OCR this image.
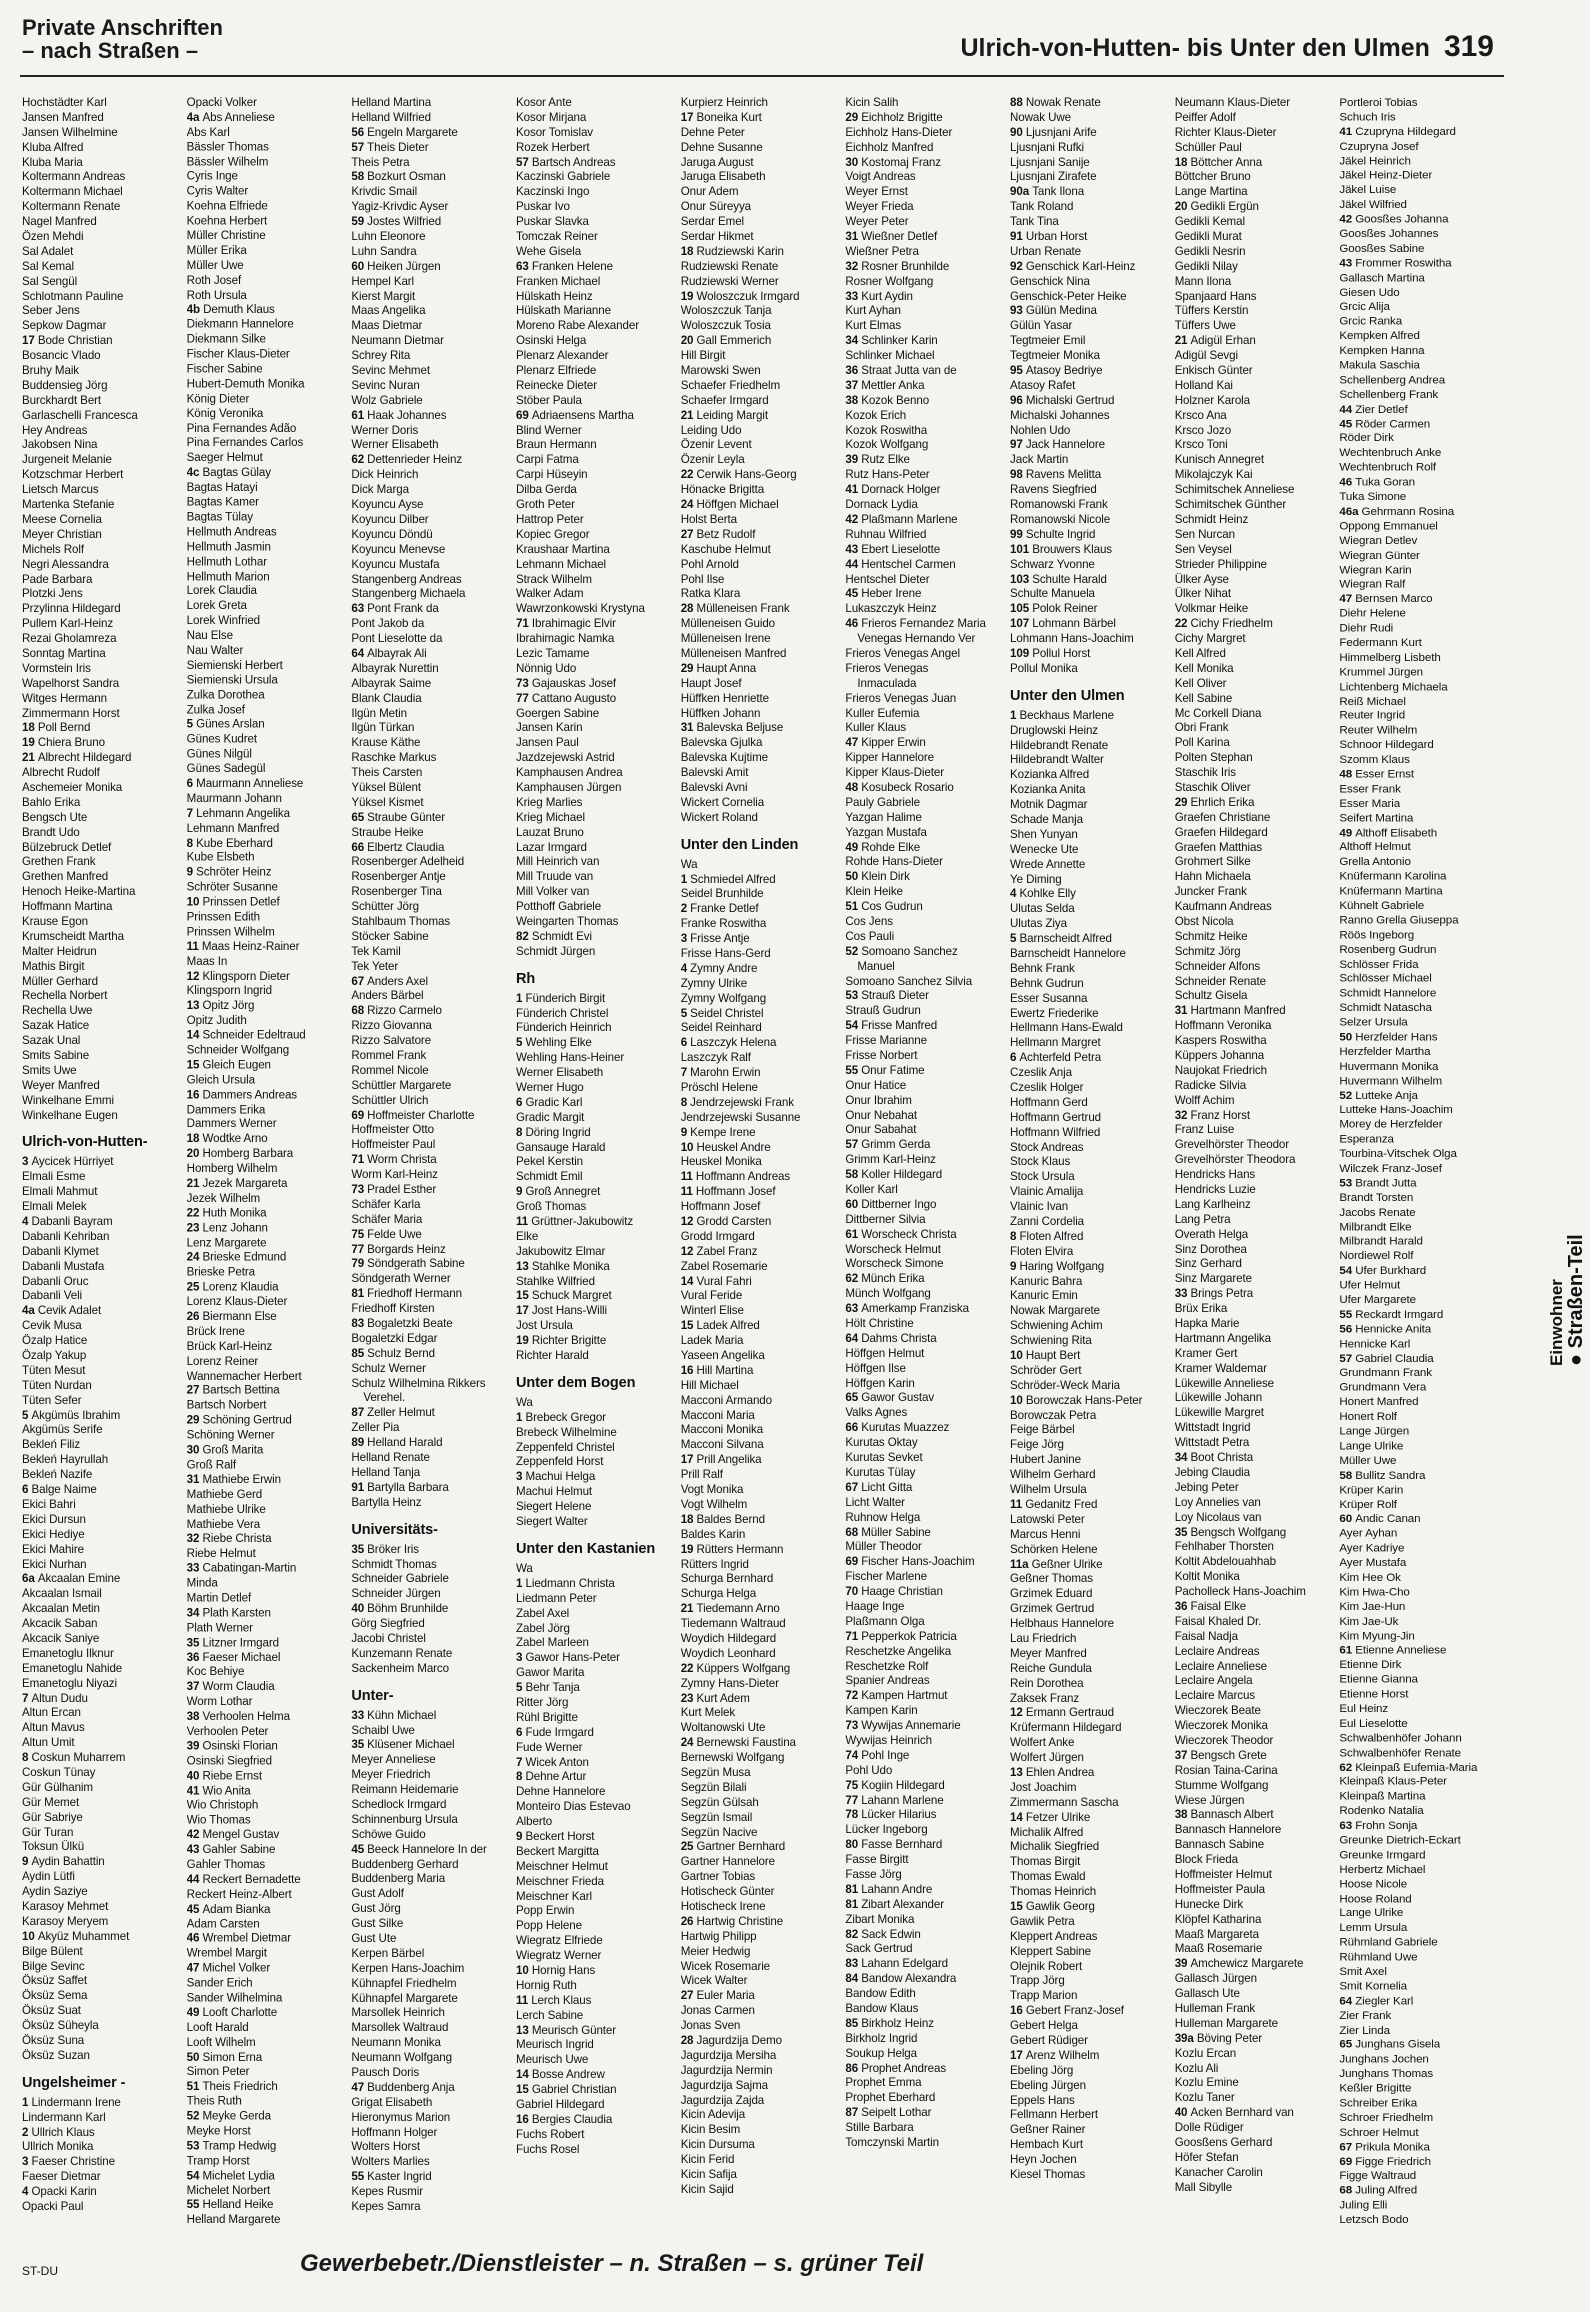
Private Anschriften
– nach Straßen –	Ulrich-von-Hutten- bis Unter den Ulmen 319
Hochstädter Karl
Jansen Manfred
Jansen Wilhelmine
Kluba Alfred
Kluba Maria
Koltermann Andreas
Koltermann Michael
Koltermann Renate
Nagel Manfred
Özen Mehdi
Sal Adalet
Sal Kemal
Sal Sengül
Schlotmann Pauline
Seber Jens
Sepkow Dagmar
17 Bode Christian
Bosancic Vlado
Bruhy Maik
Buddensieg Jörg
Burckhardt Bert
Garlaschelli Francesca
Hey Andreas
Jakobsen Nina
Jurgeneit Melanie
Kotzschmar Herbert
Lietsch Marcus
Martenka Stefanie
Meese Cornelia
Meyer Christian
Michels Rolf
Negri Alessandra
Pade Barbara
Plotzki Jens
Przylinna Hildegard
Pullem Karl-Heinz
Rezai Gholamreza
Sonntag Martina
Vormstein Iris
Wapelhorst Sandra
Witges Hermann
Zimmermann Horst
18 Poll Bernd
19 Chiera Bruno
21 Albrecht Hildegard
Albrecht Rudolf
Aschemeier Monika
Bahlo Erika
Bengsch Ute
Brandt Udo
Bülzebruck Detlef
Grethen Frank
Grethen Manfred
Henoch Heike-Martina
Hoffmann Martina
Krause Egon
Krumscheidt Martha
Malter Heidrun
Mathis Birgit
Müller Gerhard
Rechella Norbert
Rechella Uwe
Sazak Hatice
Sazak Unal
Smits Sabine
Smits Uwe
Weyer Manfred
Winkelhane Emmi
Winkelhane Eugen
Ulrich-von-Hutten-
3 Aycicek Hürriyet
Elmali Esme
Elmali Mahmut
Elmali Melek
4 Dabanli Bayram
Dabanli Kehriban
Dabanli Klymet
Dabanli Mustafa
Dabanli Oruc
Dabanli Veli
4a Cevik Adalet
Cevik Musa
Özalp Hatice
Özalp Yakup
Tüten Mesut
Tüten Nurdan
Tüten Sefer
5 Akgümüs Ibrahim
Akgümüs Serife
Bekleń Filiz
Bekleń Hayrullah
Bekleń Nazife
6 Balge Naime
Ekici Bahri
Ekici Dursun
Ekici Hediye
Ekici Mahire
Ekici Nurhan
6a Akcaalan Emine
Akcaalan Ismail
Akcaalan Metin
Akcacik Saban
Akcacik Saniye
Emanetoglu Ilknur
Emanetoglu Nahide
Emanetoglu Niyazi
7 Altun Dudu
Altun Ercan
Altun Mavus
Altun Umit
8 Coskun Muharrem
Coskun Tünay
Gür Gülhanim
Gür Memet
Gür Sabriye
Gür Turan
Toksun Ülkü
9 Aydin Bahattin
Aydin Lütfi
Aydin Saziye
Karasoy Mehmet
Karasoy Meryem
10 Akyüz Muhammet
Bilge Bülent
Bilge Sevinc
Öksüz Saffet
Öksüz Sema
Öksüz Suat
Öksüz Süheyla
Öksüz Suna
Öksüz Suzan
Ungelsheimer -
1 Lindermann Irene
Lindermann Karl
2 Ullrich Klaus
Ullrich Monika
3 Faeser Christine
Faeser Dietmar
4 Opacki Karin
Opacki Paul
Opacki Volker
4a Abs Anneliese
Abs Karl
Bässler Thomas
Bässler Wilhelm
Cyris Inge
Cyris Walter
Koehna Elfriede
Koehna Herbert
Müller Christine
Müller Erika
Müller Uwe
Roth Josef
Roth Ursula
4b Demuth Klaus
Diekmann Hannelore
Diekmann Silke
Fischer Klaus-Dieter
Fischer Sabine
Hubert-Demuth Monika
König Dieter
König Veronika
Pina Fernandes Adão
Pina Fernandes Carlos
Saeger Helmut
4c Bagtas Gülay
Bagtas Hatayi
Bagtas Kamer
Bagtas Tülay
Hellmuth Andreas
Hellmuth Jasmin
Hellmuth Lothar
Hellmuth Marion
Lorek Claudia
Lorek Greta
Lorek Winfried
Nau Else
Nau Walter
Siemienski Herbert
Siemienski Ursula
Zulka Dorothea
Zulka Josef
5 Günes Arslan
Günes Kudret
Günes Nilgül
Günes Sadegül
6 Maurmann Anneliese
Maurmann Johann
7 Lehmann Angelika
Lehmann Manfred
8 Kube Eberhard
Kube Elsbeth
9 Schröter Heinz
Schröter Susanne
10 Prinssen Detlef
Prinssen Edith
Prinssen Wilhelm
11 Maas Heinz-Rainer
Maas In
12 Klingsporn Dieter
Klingsporn Ingrid
13 Opitz Jörg
Opitz Judith
14 Schneider Edeltraud
Schneider Wolfgang
15 Gleich Eugen
Gleich Ursula
16 Dammers Andreas
Dammers Erika
Dammers Werner
18 Wodtke Arno
20 Homberg Barbara
Homberg Wilhelm
21 Jezek Margareta
Jezek Wilhelm
22 Huth Monika
23 Lenz Johann
Lenz Margarete
24 Brieske Edmund
Brieske Petra
25 Lorenz Klaudia
Lorenz Klaus-Dieter
26 Biermann Else
Brück Irene
Brück Karl-Heinz
Lorenz Reiner
Wannemacher Herbert
27 Bartsch Bettina
Bartsch Norbert
29 Schöning Gertrud
Schöning Werner
30 Groß Marita
Groß Ralf
31 Mathiebe Erwin
Mathiebe Gerd
Mathiebe Ulrike
Mathiebe Vera
32 Riebe Christa
Riebe Helmut
33 Cabatingan-Martin
Minda
Martin Detlef
34 Plath Karsten
Plath Werner
35 Litzner Irmgard
36 Faeser Michael
Koc Behiye
37 Worm Claudia
Worm Lothar
38 Verhoolen Helma
Verhoolen Peter
39 Osinski Florian
Osinski Siegfried
40 Riebe Ernst
41 Wio Anita
Wio Christoph
Wio Thomas
42 Mengel Gustav
43 Gahler Sabine
Gahler Thomas
44 Reckert Bernadette
Reckert Heinz-Albert
45 Adam Bianka
Adam Carsten
46 Wrembel Dietmar
Wrembel Margit
47 Michel Volker
Sander Erich
Sander Wilhelmina
49 Looft Charlotte
Looft Harald
Looft Wilhelm
50 Simon Erna
Simon Peter
51 Theis Friedrich
Theis Ruth
52 Meyke Gerda
Meyke Horst
53 Tramp Hedwig
Tramp Horst
54 Michelet Lydia
Michelet Norbert
55 Helland Heike
Helland Margarete
Helland Martina
Helland Wilfried
56 Engeln Margarete
57 Theis Dieter
Theis Petra
58 Bozkurt Osman
Krivdic Smail
Yagiz-Krivdic Ayser
59 Jostes Wilfried
Luhn Eleonore
Luhn Sandra
60 Heiken Jürgen
Hempel Karl
Kierst Margit
Maas Angelika
Maas Dietmar
Neumann Dietmar
Schrey Rita
Sevinc Mehmet
Sevinc Nuran
Wolz Gabriele
61 Haak Johannes
Werner Doris
Werner Elisabeth
62 Dettenrieder Heinz
Dick Heinrich
Dick Marga
Koyuncu Ayse
Koyuncu Dilber
Koyuncu Döndü
Koyuncu Menevse
Koyuncu Mustafa
Stangenberg Andreas
Stangenberg Michaela
63 Pont Frank da
Pont Jakob da
Pont Lieselotte da
64 Albayrak Ali
Albayrak Nurettin
Albayrak Saime
Blank Claudia
Ilgün Metin
Ilgün Türkan
Krause Käthe
Raschke Markus
Theis Carsten
Yüksel Bülent
Yüksel Kismet
65 Straube Günter
Straube Heike
66 Elbertz Claudia
Rosenberger Adelheid
Rosenberger Antje
Rosenberger Tina
Schütter Jörg
Stahlbaum Thomas
Stöcker Sabine
Tek Kamil
Tek Yeter
67 Anders Axel
Anders Bärbel
68 Rizzo Carmelo
Rizzo Giovanna
Rizzo Salvatore
Rommel Frank
Rommel Nicole
Schüttler Margarete
Schüttler Ulrich
69 Hoffmeister Charlotte
Hoffmeister Otto
Hoffmeister Paul
71 Worm Christa
Worm Karl-Heinz
73 Pradel Esther
Schäfer Karla
Schäfer Maria
75 Felde Uwe
77 Borgards Heinz
79 Söndgerath Sabine
Söndgerath Werner
81 Friedhoff Hermann
Friedhoff Kirsten
83 Bogaletzki Beate
Bogaletzki Edgar
85 Schulz Bernd
Schulz Werner
Schulz Wilhelmina Rikkers
Verehel.
87 Zeller Helmut
Zeller Pia
89 Helland Harald
Helland Renate
Helland Tanja
91 Bartylla Barbara
Bartylla Heinz
Universitäts-
35 Bröker Iris
Schmidt Thomas
Schneider Gabriele
Schneider Jürgen
40 Böhm Brunhilde
Görg Siegfried
Jacobi Christel
Kunzemann Renate
Sackenheim Marco
Unter-
33 Kühn Michael
Schaibl Uwe
35 Klüsener Michael
Meyer Anneliese
Meyer Friedrich
Reimann Heidemarie
Schedlock Irmgard
Schinnenburg Ursula
Schöwe Guido
45 Beeck Hannelore In der
Buddenberg Gerhard
Buddenberg Maria
Gust Adolf
Gust Jörg
Gust Silke
Gust Ute
Kerpen Bärbel
Kerpen Hans-Joachim
Kühnapfel Friedhelm
Kühnapfel Margarete
Marsollek Heinrich
Marsollek Waltraud
Neumann Monika
Neumann Wolfgang
Pausch Doris
47 Buddenberg Anja
Grigat Elisabeth
Hieronymus Marion
Hoffmann Holger
Wolters Horst
Wolters Marlies
55 Kaster Ingrid
Kepes Rusmir
Kepes Samra
Kosor Ante
Kosor Mirjana
Kosor Tomislav
Rozek Herbert
57 Bartsch Andreas
Kaczinski Gabriele
Kaczinski Ingo
Puskar Ivo
Puskar Slavka
Tomczak Reiner
Wehe Gisela
63 Franken Helene
Franken Michael
Hülskath Heinz
Hülskath Marianne
Moreno Rabe Alexander
Osinski Helga
Plenarz Alexander
Plenarz Elfriede
Reinecke Dieter
Stöber Paula
69 Adriaensens Martha
Blind Werner
Braun Hermann
Carpi Fatma
Carpi Hüseyin
Dilba Gerda
Groth Peter
Hattrop Peter
Kopiec Gregor
Kraushaar Martina
Lehmann Michael
Strack Wilhelm
Walker Adam
Wawrzonkowski Krystyna
71 Ibrahimagic Elvir
Ibrahimagic Namka
Lezic Tamame
Nönnig Udo
73 Gajauskas Josef
77 Cattano Augusto
Goergen Sabine
Jansen Karin
Jansen Paul
Jazdzejewski Astrid
Kamphausen Andrea
Kamphausen Jürgen
Krieg Marlies
Krieg Michael
Lauzat Bruno
Lazar Irmgard
Mill Heinrich van
Mill Truude van
Mill Volker van
Potthoff Gabriele
Weingarten Thomas
82 Schmidt Evi
Schmidt Jürgen
Rh
1 Fünderich Birgit
Fünderich Christel
Fünderich Heinrich
5 Wehling Elke
Wehling Hans-Heiner
Werner Elisabeth
Werner Hugo
6 Gradic Karl
Gradic Margit
8 Döring Ingrid
Gansauge Harald
Pekel Kerstin
Schmidt Emil
9 Groß Annegret
Groß Thomas
11 Grüttner-Jakubowitz
Elke
Jakubowitz Elmar
13 Stahlke Monika
Stahlke Wilfried
15 Schuck Margret
17 Jost Hans-Willi
Jost Ursula
19 Richter Brigitte
Richter Harald
Unter dem Bogen
Wa
1 Brebeck Gregor
Brebeck Wilhelmine
Zeppenfeld Christel
Zeppenfeld Horst
3 Machui Helga
Machui Helmut
Siegert Helene
Siegert Walter
Unter den Kastanien
Wa
1 Liedmann Christa
Liedmann Peter
Zabel Axel
Zabel Jörg
Zabel Marleen
3 Gawor Hans-Peter
Gawor Marita
5 Behr Tanja
Ritter Jörg
Rühl Brigitte
6 Fude Irmgard
Fude Werner
7 Wicek Anton
8 Dehne Artur
Dehne Hannelore
Monteiro Dias Estevao
Alberto
9 Beckert Horst
Beckert Margitta
Meischner Helmut
Meischner Frieda
Meischner Karl
Popp Erwin
Popp Helene
Wiegratz Elfriede
Wiegratz Werner
10 Hornig Hans
Hornig Ruth
11 Lerch Klaus
Lerch Sabine
13 Meurisch Günter
Meurisch Ingrid
Meurisch Uwe
14 Bosse Andrew
15 Gabriel Christian
Gabriel Hildegard
16 Bergies Claudia
Fuchs Robert
Fuchs Rosel
Kurpierz Heinrich
17 Boneika Kurt
Dehne Peter
Dehne Susanne
Jaruga August
Jaruga Elisabeth
Onur Adem
Onur Süreyya
Serdar Emel
Serdar Hikmet
18 Rudziewski Karin
Rudziewski Renate
Rudziewski Werner
19 Woloszczuk Irmgard
Woloszczuk Tanja
Woloszczuk Tosia
20 Gall Emmerich
Hill Birgit
Marowski Swen
Schaefer Friedhelm
Schaefer Irmgard
21 Leiding Margit
Leiding Udo
Özenir Levent
Özenir Leyla
22 Cerwik Hans-Georg
Hönacke Brigitta
24 Höffgen Michael
Holst Berta
27 Betz Rudolf
Kaschube Helmut
Pohl Arnold
Pohl Ilse
Ratka Klara
28 Mülleneisen Frank
Mülleneisen Guido
Mülleneisen Irene
Mülleneisen Manfred
29 Haupt Anna
Haupt Josef
Hüffken Henriette
Hüffken Johann
31 Balevska Beljuse
Balevska Gjulka
Balevska Kujtime
Balevski Amit
Balevski Avni
Wickert Cornelia
Wickert Roland
Unter den Linden
Wa
1 Schmiedel Alfred
Seidel Brunhilde
2 Franke Detlef
Franke Roswitha
3 Frisse Antje
Frisse Hans-Gerd
4 Zymny Andre
Zymny Ulrike
Zymny Wolfgang
5 Seidel Christel
Seidel Reinhard
6 Laszczyk Helena
Laszczyk Ralf
7 Marohn Erwin
Pröschl Helene
8 Jendrzejewski Frank
Jendrzejewski Susanne
9 Kempe Irene
10 Heuskel Andre
Heuskel Monika
11 Hoffmann Andreas
11 Hoffmann Josef
Hoffmann Josef
12 Grodd Carsten
Grodd Irmgard
12 Zabel Franz
Zabel Rosemarie
14 Vural Fahri
Vural Feride
Winterl Elise
15 Ladek Alfred
Ladek Maria
Yaseen Angelika
16 Hill Martina
Hill Michael
Macconi Armando
Macconi Maria
Macconi Monika
Macconi Silvana
17 Prill Angelika
Prill Ralf
Vogt Monika
Vogt Wilhelm
18 Baldes Bernd
Baldes Karin
19 Rütters Hermann
Rütters Ingrid
Schurga Bernhard
Schurga Helga
21 Tiedemann Arno
Tiedemann Waltraud
Woydich Hildegard
Woydich Leonhard
22 Küppers Wolfgang
Zymny Hans-Dieter
23 Kurt Adem
Kurt Melek
Woltanowski Ute
24 Bernewski Faustina
Bernewski Wolfgang
Segzün Musa
Segzün Bilali
Segzün Gülsah
Segzün Ismail
Segzün Nacive
25 Gartner Bernhard
Gartner Hannelore
Gartner Tobias
Hotischeck Günter
Hotischeck Irene
26 Hartwig Christine
Hartwig Philipp
Meier Hedwig
Wicek Rosemarie
Wicek Walter
27 Euler Maria
Jonas Carmen
Jonas Sven
28 Jagurdzija Demo
Jagurdzija Mersiha
Jagurdzija Nermin
Jagurdzija Sajma
Jagurdzija Zajda
Kicin Adevija
Kicin Besim
Kicin Dursuma
Kicin Ferid
Kicin Safija
Kicin Sajid
Kicin Salih
29 Eichholz Brigitte
Eichholz Hans-Dieter
Eichholz Manfred
30 Kostomaj Franz
Voigt Andreas
Weyer Ernst
Weyer Frieda
Weyer Peter
31 Wießner Detlef
Wießner Petra
32 Rosner Brunhilde
Rosner Wolfgang
33 Kurt Aydin
Kurt Ayhan
Kurt Elmas
34 Schlinker Karin
Schlinker Michael
36 Straat Jutta van de
37 Mettler Anka
38 Kozok Benno
Kozok Erich
Kozok Roswitha
Kozok Wolfgang
39 Rutz Elke
Rutz Hans-Peter
41 Dornack Holger
Dornack Lydia
42 Plaßmann Marlene
Ruhnau Wilfried
43 Ebert Lieselotte
44 Hentschel Carmen
Hentschel Dieter
45 Heber Irene
Lukaszczyk Heinz
46 Frieros Fernandez Maria
Venegas Hernando Ver
Frieros Venegas Angel
Frieros Venegas
Inmaculada
Frieros Venegas Juan
Kuller Eufemia
Kuller Klaus
47 Kipper Erwin
Kipper Hannelore
Kipper Klaus-Dieter
48 Kosubeck Rosario
Pauly Gabriele
Yazgan Halime
Yazgan Mustafa
49 Rohde Elke
Rohde Hans-Dieter
50 Klein Dirk
Klein Heike
51 Cos Gudrun
Cos Jens
Cos Pauli
52 Somoano Sanchez
Manuel
Somoano Sanchez Silvia
53 Strauß Dieter
Strauß Gudrun
54 Frisse Manfred
Frisse Marianne
Frisse Norbert
55 Onur Fatime
Onur Hatice
Onur Ibrahim
Onur Nebahat
Onur Sabahat
57 Grimm Gerda
Grimm Karl-Heinz
58 Koller Hildegard
Koller Karl
60 Dittberner Ingo
Dittberner Silvia
61 Worscheck Christa
Worscheck Helmut
Worscheck Simone
62 Münch Erika
Münch Wolfgang
63 Amerkamp Franziska
Hölt Christine
64 Dahms Christa
Höffgen Helmut
Höffgen Ilse
Höffgen Karin
65 Gawor Gustav
Valks Agnes
66 Kurutas Muazzez
Kurutas Oktay
Kurutas Sevket
Kurutas Tülay
67 Licht Gitta
Licht Walter
Ruhnow Helga
68 Müller Sabine
Müller Theodor
69 Fischer Hans-Joachim
Fischer Marlene
70 Haage Christian
Haage Inge
Plaßmann Olga
71 Pepperkok Patricia
Reschetzke Angelika
Reschetzke Rolf
Spanier Andreas
72 Kampen Hartmut
Kampen Karin
73 Wywijas Annemarie
Wywijas Heinrich
74 Pohl Inge
Pohl Udo
75 Kogiin Hildegard
77 Lahann Marlene
78 Lücker Hilarius
Lücker Ingeborg
80 Fasse Bernhard
Fasse Birgitt
Fasse Jörg
81 Lahann Andre
81 Zibart Alexander
Zibart Monika
82 Sack Edwin
Sack Gertrud
83 Lahann Edelgard
84 Bandow Alexandra
Bandow Edith
Bandow Klaus
85 Birkholz Heinz
Birkholz Ingrid
Soukup Helga
86 Prophet Andreas
Prophet Emma
Prophet Eberhard
87 Seipelt Lothar
Stille Barbara
Tomczynski Martin
88 Nowak Renate
Nowak Uwe
90 Ljusnjani Arife
Ljusnjani Rufki
Ljusnjani Sanije
Ljusnjani Zirafete
90a Tank Ilona
Tank Roland
Tank Tina
91 Urban Horst
Urban Renate
92 Genschick Karl-Heinz
Genschick Nina
Genschick-Peter Heike
93 Gülün Medina
Gülün Yasar
Tegtmeier Emil
Tegtmeier Monika
95 Atasoy Bedriye
Atasoy Rafet
96 Michalski Gertrud
Michalski Johannes
Nohlen Udo
97 Jack Hannelore
Jack Martin
98 Ravens Melitta
Ravens Siegfried
Romanowski Frank
Romanowski Nicole
99 Schulte Ingrid
101 Brouwers Klaus
Schwarz Yvonne
103 Schulte Harald
Schulte Manuela
105 Polok Reiner
107 Lohmann Bärbel
Lohmann Hans-Joachim
109 Pollul Horst
Pollul Monika
Unter den Ulmen
1 Beckhaus Marlene
Druglowski Heinz
Hildebrandt Renate
Hildebrandt Walter
Kozianka Alfred
Kozianka Anita
Motnik Dagmar
Schade Manja
Shen Yunyan
Wenecke Ute
Wrede Annette
Ye Diming
4 Kohlke Elly
Ulutas Selda
Ulutas Ziya
5 Barnscheidt Alfred
Barnscheidt Hannelore
Behnk Frank
Behnk Gudrun
Esser Susanna
Ewertz Friederike
Hellmann Hans-Ewald
Hellmann Margret
6 Achterfeld Petra
Czeslik Anja
Czeslik Holger
Hoffmann Gerd
Hoffmann Gertrud
Hoffmann Wilfried
Stock Andreas
Stock Klaus
Stock Ursula
Vlainic Amalija
Vlainic Ivan
Zanni Cordelia
8 Floten Alfred
Floten Elvira
9 Haring Wolfgang
Kanuric Bahra
Kanuric Emin
Nowak Margarete
Schwiening Achim
Schwiening Rita
10 Haupt Bert
Schröder Gert
Schröder-Weck Maria
10 Borowczak Hans-Peter
Borowczak Petra
Feige Bärbel
Feige Jörg
Hubert Janine
Wilhelm Gerhard
Wilhelm Ursula
11 Gedanitz Fred
Latowski Peter
Marcus Henni
Schörken Helene
11a Geßner Ulrike
Geßner Thomas
Grzimek Eduard
Grzimek Gertrud
Helbhaus Hannelore
Lau Friedrich
Meyer Manfred
Reiche Gundula
Rein Dorothea
Zaksek Franz
12 Ermann Gertraud
Krüfermann Hildegard
Wolfert Anke
Wolfert Jürgen
13 Ehlen Andrea
Jost Joachim
Zimmermann Sascha
14 Fetzer Ulrike
Michalik Alfred
Michalik Siegfried
Thomas Birgit
Thomas Ewald
Thomas Heinrich
15 Gawlik Georg
Gawlik Petra
Kleppert Andreas
Kleppert Sabine
Olejnik Robert
Trapp Jörg
Trapp Marion
16 Gebert Franz-Josef
Gebert Helga
Gebert Rüdiger
17 Arenz Wilhelm
Ebeling Jörg
Ebeling Jürgen
Eppels Hans
Fellmann Herbert
Geßner Rainer
Hembach Kurt
Heyn Jochen
Kiesel Thomas
Neumann Klaus-Dieter
Peiffer Adolf
Richter Klaus-Dieter
Schüller Paul
18 Böttcher Anna
Böttcher Bruno
Lange Martina
20 Gedikli Ergün
Gedikli Kemal
Gedikli Murat
Gedikli Nesrin
Gedikli Nilay
Mann Ilona
Spanjaard Hans
Tüffers Kerstin
Tüffers Uwe
21 Adigül Erhan
Adigül Sevgi
Enkisch Günter
Holland Kai
Holzner Karola
Krsco Ana
Krsco Jozo
Krsco Toni
Kunisch Annegret
Mikolajczyk Kai
Schimitschek Anneliese
Schimitschek Günther
Schmidt Heinz
Sen Nurcan
Sen Veysel
Strieder Philippine
Ülker Ayse
Ülker Nihat
Volkmar Heike
22 Cichy Friedhelm
Cichy Margret
Kell Alfred
Kell Monika
Kell Oliver
Kell Sabine
Mc Corkell Diana
Obri Frank
Poll Karina
Polten Stephan
Staschik Iris
Staschik Oliver
29 Ehrlich Erika
Graefen Christiane
Graefen Hildegard
Graefen Matthias
Grohmert Silke
Hahn Michaela
Juncker Frank
Kaufmann Andreas
Obst Nicola
Schmitz Heike
Schmitz Jörg
Schneider Alfons
Schneider Renate
Schultz Gisela
31 Hartmann Manfred
Hoffmann Veronika
Kaspers Roswitha
Küppers Johanna
Naujokat Friedrich
Radicke Silvia
Wolff Achim
32 Franz Horst
Franz Luise
Grevelhörster Theodor
Grevelhörster Theodora
Hendricks Hans
Hendricks Luzie
Lang Karlheinz
Lang Petra
Overath Helga
Sinz Dorothea
Sinz Gerhard
Sinz Margarete
33 Brings Petra
Brüx Erika
Hapka Marie
Hartmann Angelika
Kramer Gert
Kramer Waldemar
Lükewille Anneliese
Lükewille Johann
Lükewille Margret
Wittstadt Ingrid
Wittstadt Petra
34 Boot Christa
Jebing Claudia
Jebing Peter
Loy Annelies van
Loy Nicolaus van
35 Bengsch Wolfgang
Fehlhaber Thorsten
Koltit Abdelouahhab
Koltit Monika
Pacholleck Hans-Joachim
36 Faisal Elke
Faisal Khaled Dr.
Faisal Nadja
Leclaire Andreas
Leclaire Anneliese
Leclaire Angela
Leclaire Marcus
Wieczorek Beate
Wieczorek Monika
Wieczorek Theodor
37 Bengsch Grete
Rosian Taina-Carina
Stumme Wolfgang
Wiese Jürgen
38 Bannasch Albert
Bannasch Hannelore
Bannasch Sabine
Block Frieda
Hoffmeister Helmut
Hoffmeister Paula
Hunecke Dirk
Klöpfel Katharina
Maaß Margareta
Maaß Rosemarie
39 Amchewicz Margarete
Gallasch Jürgen
Gallasch Ute
Hulleman Frank
Hulleman Margarete
39a Böving Peter
Kozlu Ercan
Kozlu Ali
Kozlu Emine
Kozlu Taner
40 Acken Bernhard van
Dolle Rüdiger
Goosßens Gerhard
Höfer Stefan
Kanacher Carolin
Mall Sibylle
Portleroi Tobias
Schuch Iris
41 Czupryna Hildegard
Czupryna Josef
Jäkel Heinrich
Jäkel Heinz-Dieter
Jäkel Luise
Jäkel Wilfried
42 Goosßes Johanna
Goosßes Johannes
Goosßes Sabine
43 Frommer Roswitha
Gallasch Martina
Giesen Udo
Grcic Alija
Grcic Ranka
Kempken Alfred
Kempken Hanna
Makula Saschia
Schellenberg Andrea
Schellenberg Frank
44 Zier Detlef
45 Röder Carmen
Röder Dirk
Wechtenbruch Anke
Wechtenbruch Rolf
46 Tuka Goran
Tuka Simone
46a Gehrmann Rosina
Oppong Emmanuel
Wiegran Detlev
Wiegran Günter
Wiegran Karin
Wiegran Ralf
47 Bernsen Marco
Diehr Helene
Diehr Rudi
Federmann Kurt
Himmelberg Lisbeth
Krummel Jürgen
Lichtenberg Michaela
Reiß Michael
Reuter Ingrid
Reuter Wilhelm
Schnoor Hildegard
Szomm Klaus
48 Esser Ernst
Esser Frank
Esser Maria
Seifert Martina
49 Althoff Elisabeth
Althoff Helmut
Grella Antonio
Knüfermann Karolina
Knüfermann Martina
Kühnelt Gabriele
Ranno Grella Giuseppa
Röös Ingeborg
Rosenberg Gudrun
Schlösser Frida
Schlösser Michael
Schmidt Hannelore
Schmidt Natascha
Selzer Ursula
50 Herzfelder Hans
Herzfelder Martha
Huvermann Monika
Huvermann Wilhelm
52 Lutteke Anja
Lutteke Hans-Joachim
Morey de Herzfelder
Esperanza
Tourbina-Vitschek Olga
Wilczek Franz-Josef
53 Brandt Jutta
Brandt Torsten
Jacobs Renate
Milbrandt Elke
Milbrandt Harald
Nordiewel Rolf
54 Ufer Burkhard
Ufer Helmut
Ufer Margarete
55 Reckardt Irmgard
56 Hennicke Anita
Hennicke Karl
57 Gabriel Claudia
Grundmann Frank
Grundmann Vera
Honert Manfred
Honert Rolf
Lange Jürgen
Lange Ulrike
Müller Uwe
58 Bullitz Sandra
Krüper Karin
Krüper Rolf
60 Andic Canan
Ayer Ayhan
Ayer Kadriye
Ayer Mustafa
Kim Hee Ok
Kim Hwa-Cho
Kim Jae-Hun
Kim Jae-Uk
Kim Myung-Jin
61 Etienne Anneliese
Etienne Dirk
Etienne Gianna
Etienne Horst
Eul Heinz
Eul Lieselotte
Schwalbenhöfer Johann
Schwalbenhöfer Renate
62 Kleinpaß Eufemia-Maria
Kleinpaß Klaus-Peter
Kleinpaß Martina
Rodenko Natalia
63 Frohn Sonja
Greunke Dietrich-Eckart
Greunke Irmgard
Herbertz Michael
Hoose Nicole
Hoose Roland
Lange Ulrike
Lemm Ursula
Rühmland Gabriele
Rühmland Uwe
Smit Axel
Smit Kornelia
64 Ziegler Karl
Zier Frank
Zier Linda
65 Junghans Gisela
Junghans Jochen
Junghans Thomas
Keßler Brigitte
Schreiber Erika
Schroer Friedhelm
Schroer Helmut
67 Prikula Monika
69 Figge Friedrich
Figge Waltraud
68 Juling Alfred
Juling Elli
Letzsch Bodo
Einwohner ● Straßen-Teil
ST-DU	Gewerbebetr./Dienstleister – n. Straßen – s. grüner Teil
